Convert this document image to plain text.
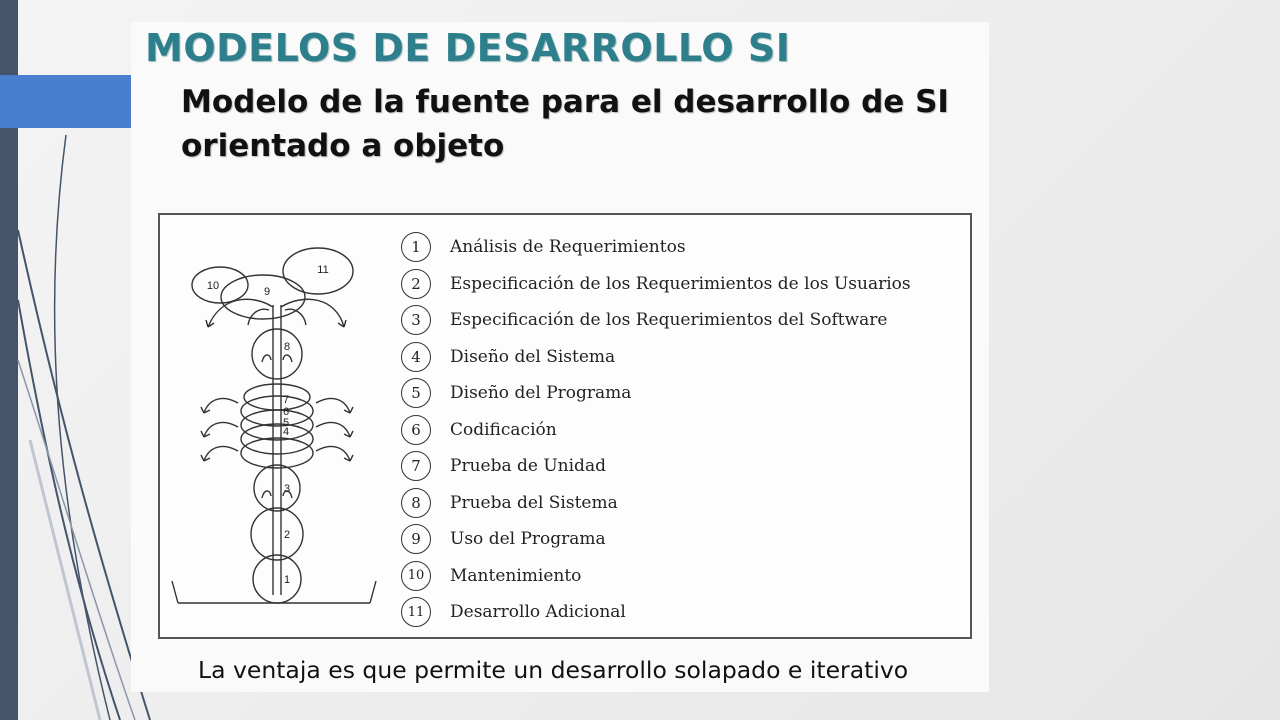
MODELOS DE DESARROLLO SI
Modelo de la fuente para el desarrollo de SI orientado a objeto
1
2
3
4
5
6
7
8
9
10
11
1	Análisis de Requerimientos
2	Especificación de los Requerimientos de los Usuarios
3	Especificación de los Requerimientos del Software
4	Diseño del Sistema
5	Diseño del Programa
6	Codificación
7	Prueba de Unidad
8	Prueba del Sistema
9	Uso del Programa
10	Mantenimiento
11	Desarrollo Adicional

La ventaja es que permite un desarrollo solapado e iterativo
